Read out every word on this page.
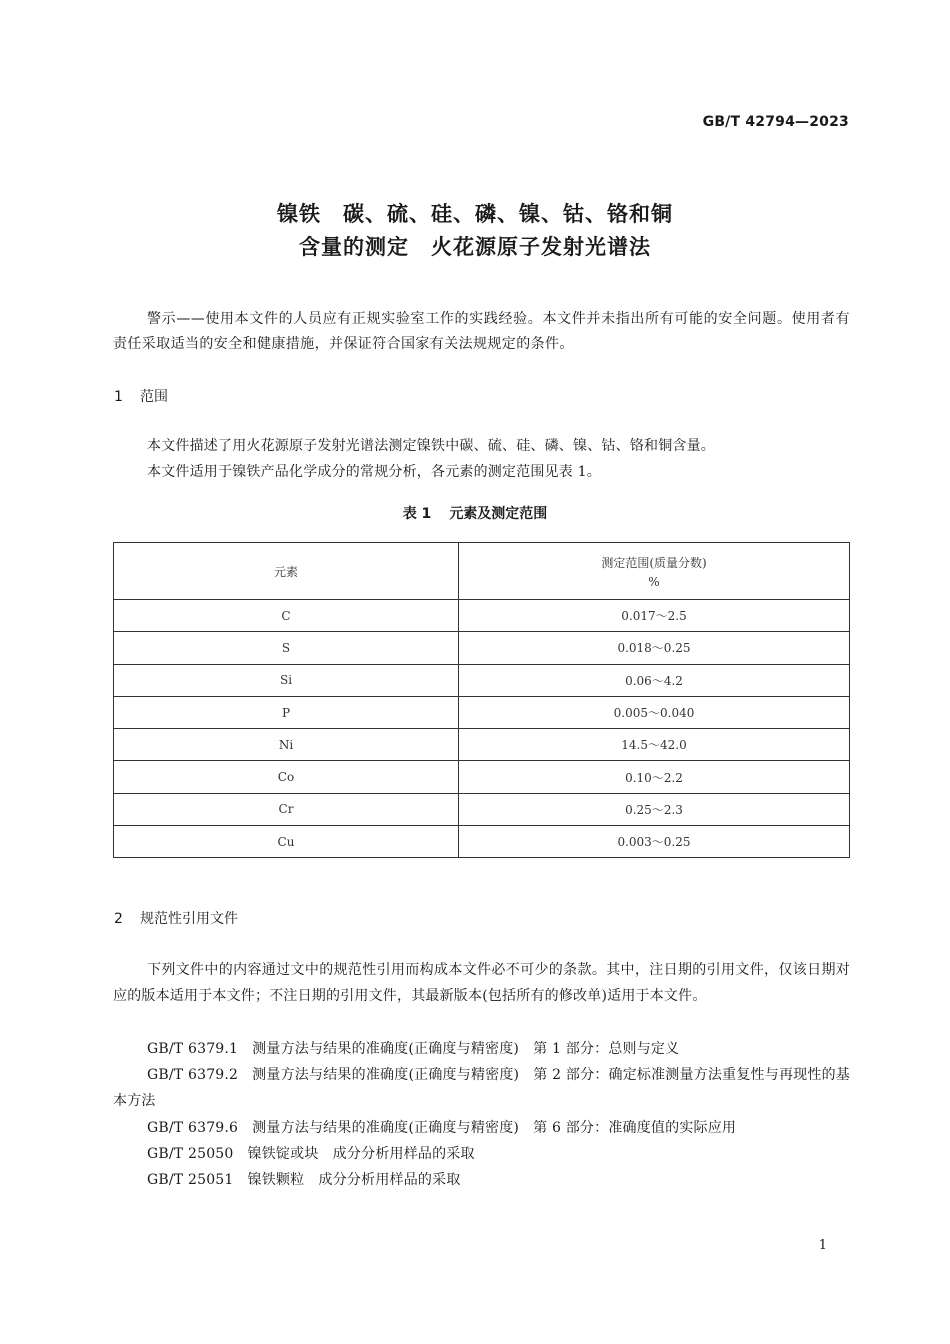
GB/T 42794—2023
镍铁　碳、硫、硅、磷、镍、钴、铬和铜
含量的测定　火花源原子发射光谱法
警示——使用本文件的人员应有正规实验室工作的实践经验。本文件并未指出所有可能的安全问题。使用者有责任采取适当的安全和健康措施，并保证符合国家有关法规规定的条件。
1 范围
本文件描述了用火花源原子发射光谱法测定镍铁中碳、硫、硅、磷、镍、钴、铬和铜含量。
本文件适用于镍铁产品化学成分的常规分析，各元素的测定范围见表 1。
表 1 元素及测定范围
元素	测定范围(质量分数)
%

C	0.017～2.5
S	0.018～0.25
Si	0.06～4.2
P	0.005～0.040
Ni	14.5～42.0
Co	0.10～2.2
Cr	0.25～2.3
Cu	0.003～0.25
2 规范性引用文件
下列文件中的内容通过文中的规范性引用而构成本文件必不可少的条款。其中，注日期的引用文件，仅该日期对应的版本适用于本文件；不注日期的引用文件，其最新版本(包括所有的修改单)适用于本文件。
GB/T 6379.1 测量方法与结果的准确度(正确度与精密度) 第 1 部分：总则与定义
GB/T 6379.2 测量方法与结果的准确度(正确度与精密度) 第 2 部分：确定标准测量方法重复性与再现性的基本方法
GB/T 6379.6 测量方法与结果的准确度(正确度与精密度) 第 6 部分：准确度值的实际应用
GB/T 25050 镍铁锭或块　成分分析用样品的采取
GB/T 25051 镍铁颗粒　成分分析用样品的采取
1
